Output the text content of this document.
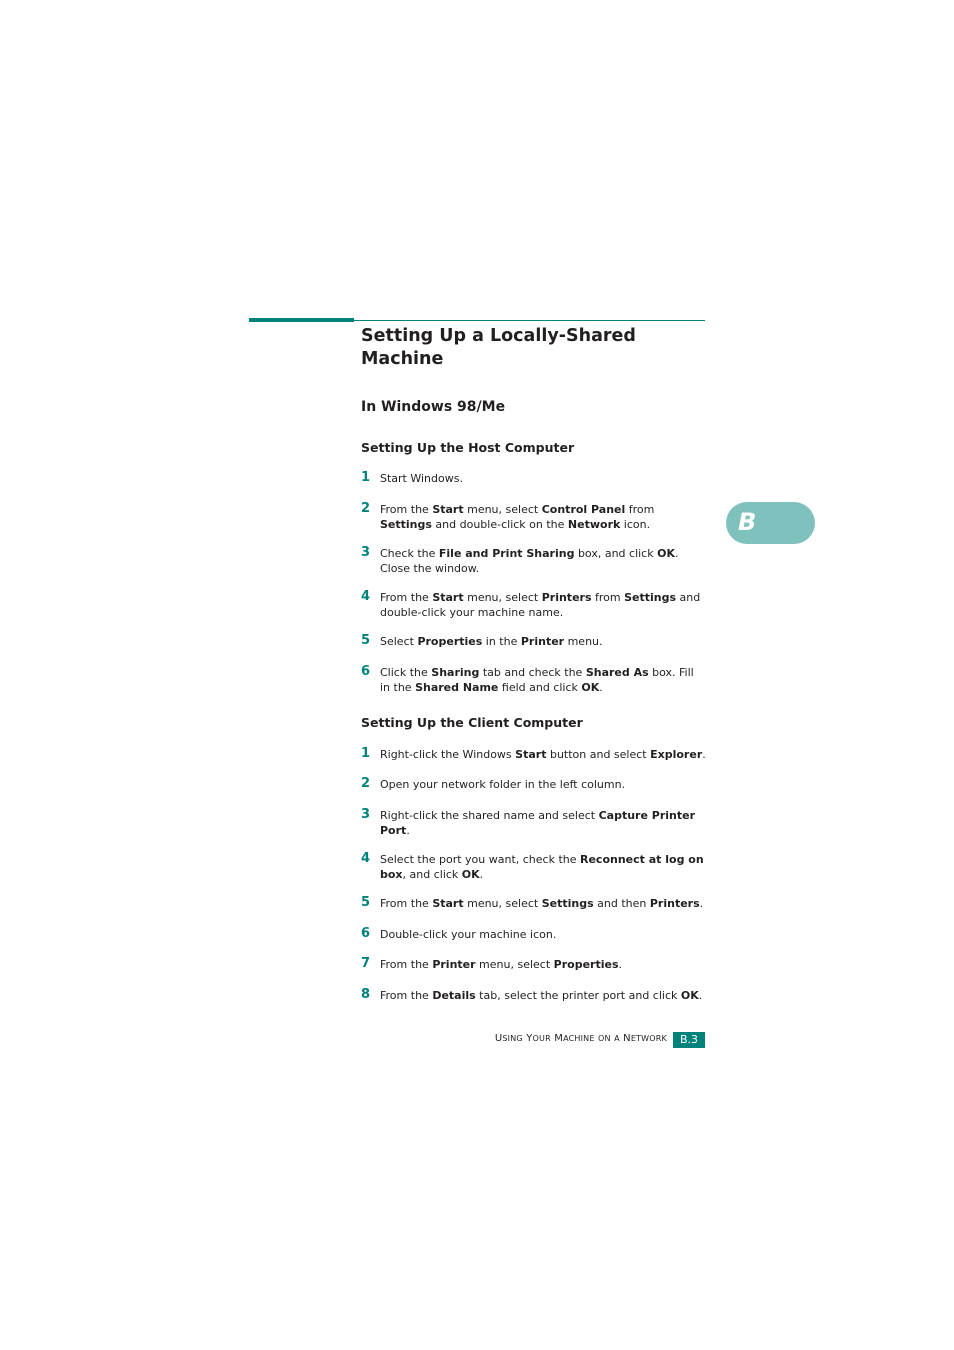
Setting Up a Locally-Shared Machine
In Windows 98/Me
Setting Up the Host Computer
1 Start Windows.
2 From the Start menu, select Control Panel from Settings and double-click on the Network icon.
3 Check the File and Print Sharing box, and click OK. Close the window.
4 From the Start menu, select Printers from Settings and double-click your machine name.
5 Select Properties in the Printer menu.
6 Click the Sharing tab and check the Shared As box. Fill in the Shared Name field and click OK.
Setting Up the Client Computer
1 Right-click the Windows Start button and select Explorer.
2 Open your network folder in the left column.
3 Right-click the shared name and select Capture Printer Port.
4 Select the port you want, check the Reconnect at log on box, and click OK.
5 From the Start menu, select Settings and then Printers.
6 Double-click your machine icon.
7 From the Printer menu, select Properties.
8 From the Details tab, select the printer port and click OK.
B
USING YOUR MACHINE ON A NETWORK	B.3
